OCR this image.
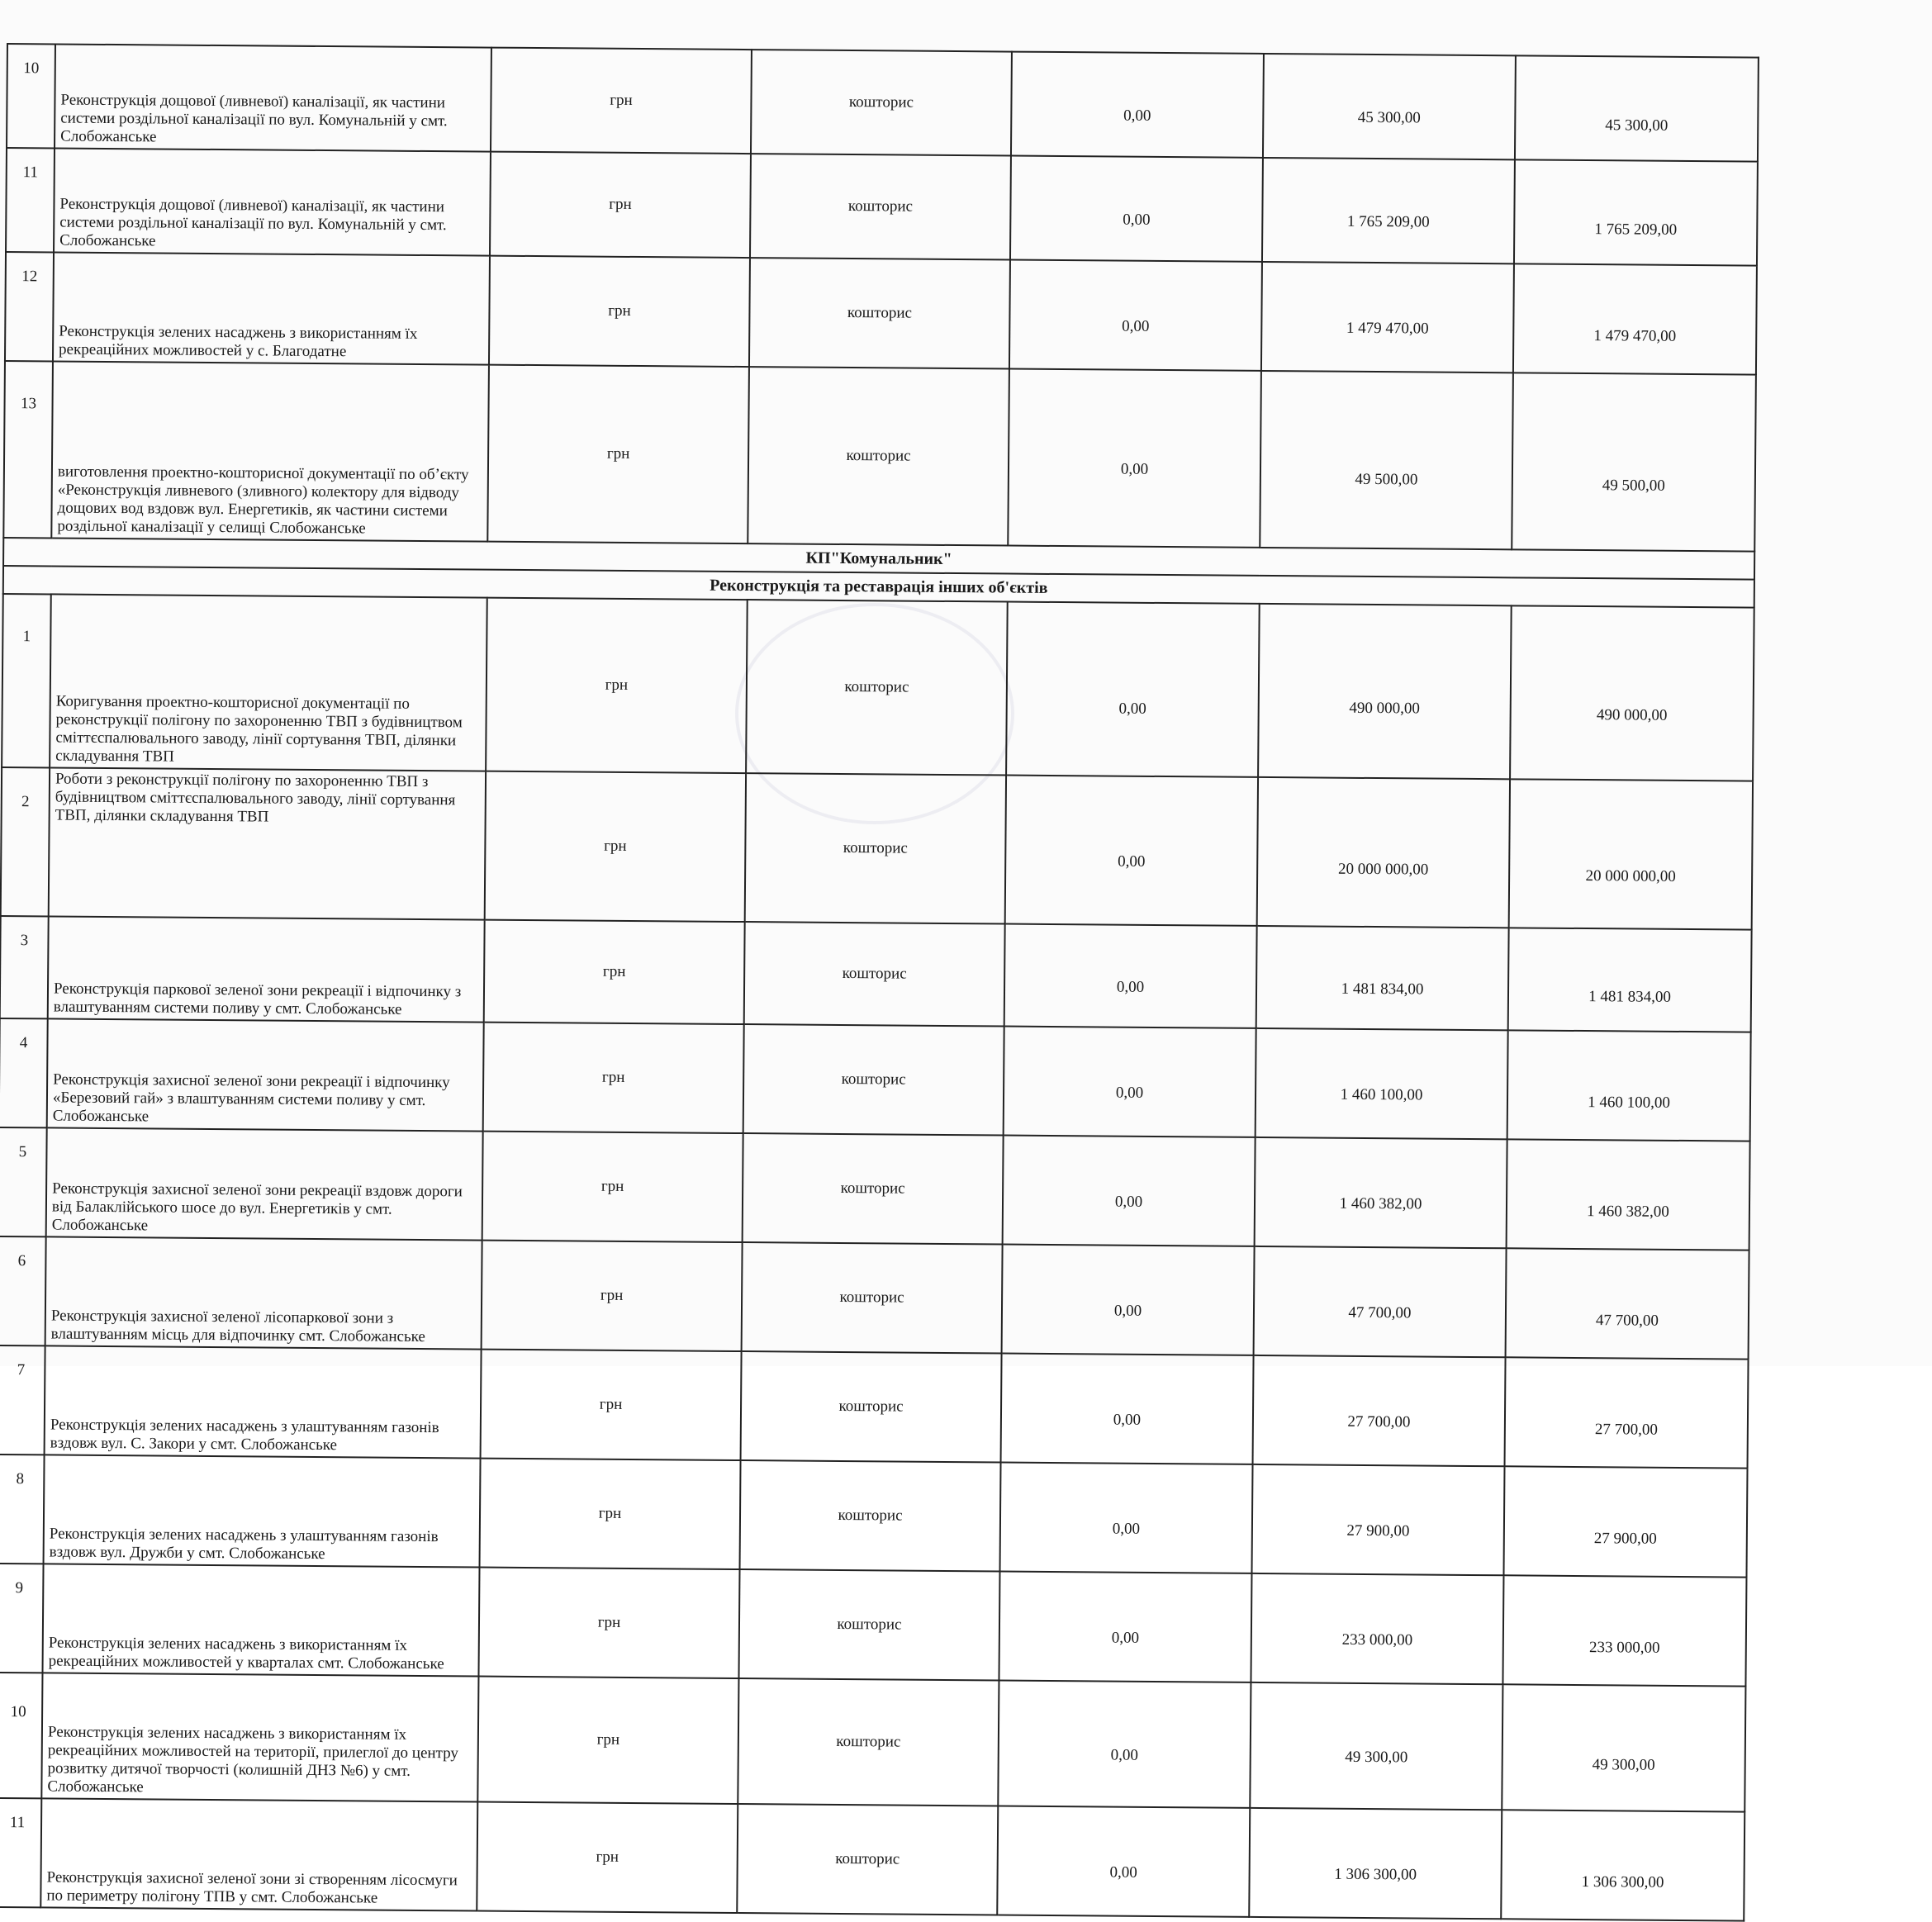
10	Реконструкція дощової (ливневої) каналізації, як частини системи роздільної каналізації по вул. Комунальній у смт. Слобожанське	грн	кошторис	0,00	45 300,00	45 300,00
11	Реконструкція дощової (ливневої) каналізації, як частини системи роздільної каналізації по вул. Комунальній у смт. Слобожанське	грн	кошторис	0,00	1 765 209,00	1 765 209,00
12	Реконструкція зелених насаджень з використанням їх рекреаційних можливостей у с. Благодатне	грн	кошторис	0,00	1 479 470,00	1 479 470,00
13	виготовлення проектно-кошторисної документації по об’єкту «Реконструкція ливневого (зливного) колектору для відводу дощових вод вздовж вул. Енергетиків, як частини системи роздільної каналізації у селищі Слобожанське	грн	кошторис	0,00	49 500,00	49 500,00
КП"Комунальник"						
Реконструкція та реставрація інших об'єктів						
1	Коригування проектно-кошторисної документації по реконструкції полігону по захороненню ТВП з будівництвом сміттєспалювального заводу, лінії сортування ТВП, ділянки складування ТВП	грн	кошторис	0,00	490 000,00	490 000,00
2	Роботи з реконструкції полігону по захороненню ТВП з будівництвом сміттєспалювального заводу, лінії сортування ТВП, ділянки складування ТВП	грн	кошторис	0,00	20 000 000,00	20 000 000,00
3	Реконструкція паркової зеленої зони рекреації і відпочинку з влаштуванням системи поливу у смт. Слобожанське	грн	кошторис	0,00	1 481 834,00	1 481 834,00
4	Реконструкція захисної зеленої зони рекреації і відпочинку «Березовий гай» з влаштуванням системи поливу у смт. Слобожанське	грн	кошторис	0,00	1 460 100,00	1 460 100,00
5	Реконструкція захисної зеленої зони рекреації вздовж дороги від Балаклійського шосе до вул. Енергетиків у смт. Слобожанське	грн	кошторис	0,00	1 460 382,00	1 460 382,00
6	Реконструкція захисної зеленої лісопаркової зони з влаштуванням місць для відпочинку смт. Слобожанське	грн	кошторис	0,00	47 700,00	47 700,00
7	Реконструкція зелених насаджень з улаштуванням газонів вздовж вул. С. Закори у смт. Слобожанське	грн	кошторис	0,00	27 700,00	27 700,00
8	Реконструкція зелених насаджень з улаштуванням газонів вздовж вул. Дружби у смт. Слобожанське	грн	кошторис	0,00	27 900,00	27 900,00
9	Реконструкція зелених насаджень з використанням їх рекреаційних можливостей у кварталах смт. Слобожанське	грн	кошторис	0,00	233 000,00	233 000,00
10	Реконструкція зелених насаджень з використанням їх рекреаційних можливостей на території, прилеглої до центру розвитку дитячої творчості (колишній ДНЗ №6) у смт. Слобожанське	грн	кошторис	0,00	49 300,00	49 300,00
11	Реконструкція захисної зеленої зони зі створенням лісосмуги по периметру полігону ТПВ у смт. Слобожанське	грн	кошторис	0,00	1 306 300,00	1 306 300,00
